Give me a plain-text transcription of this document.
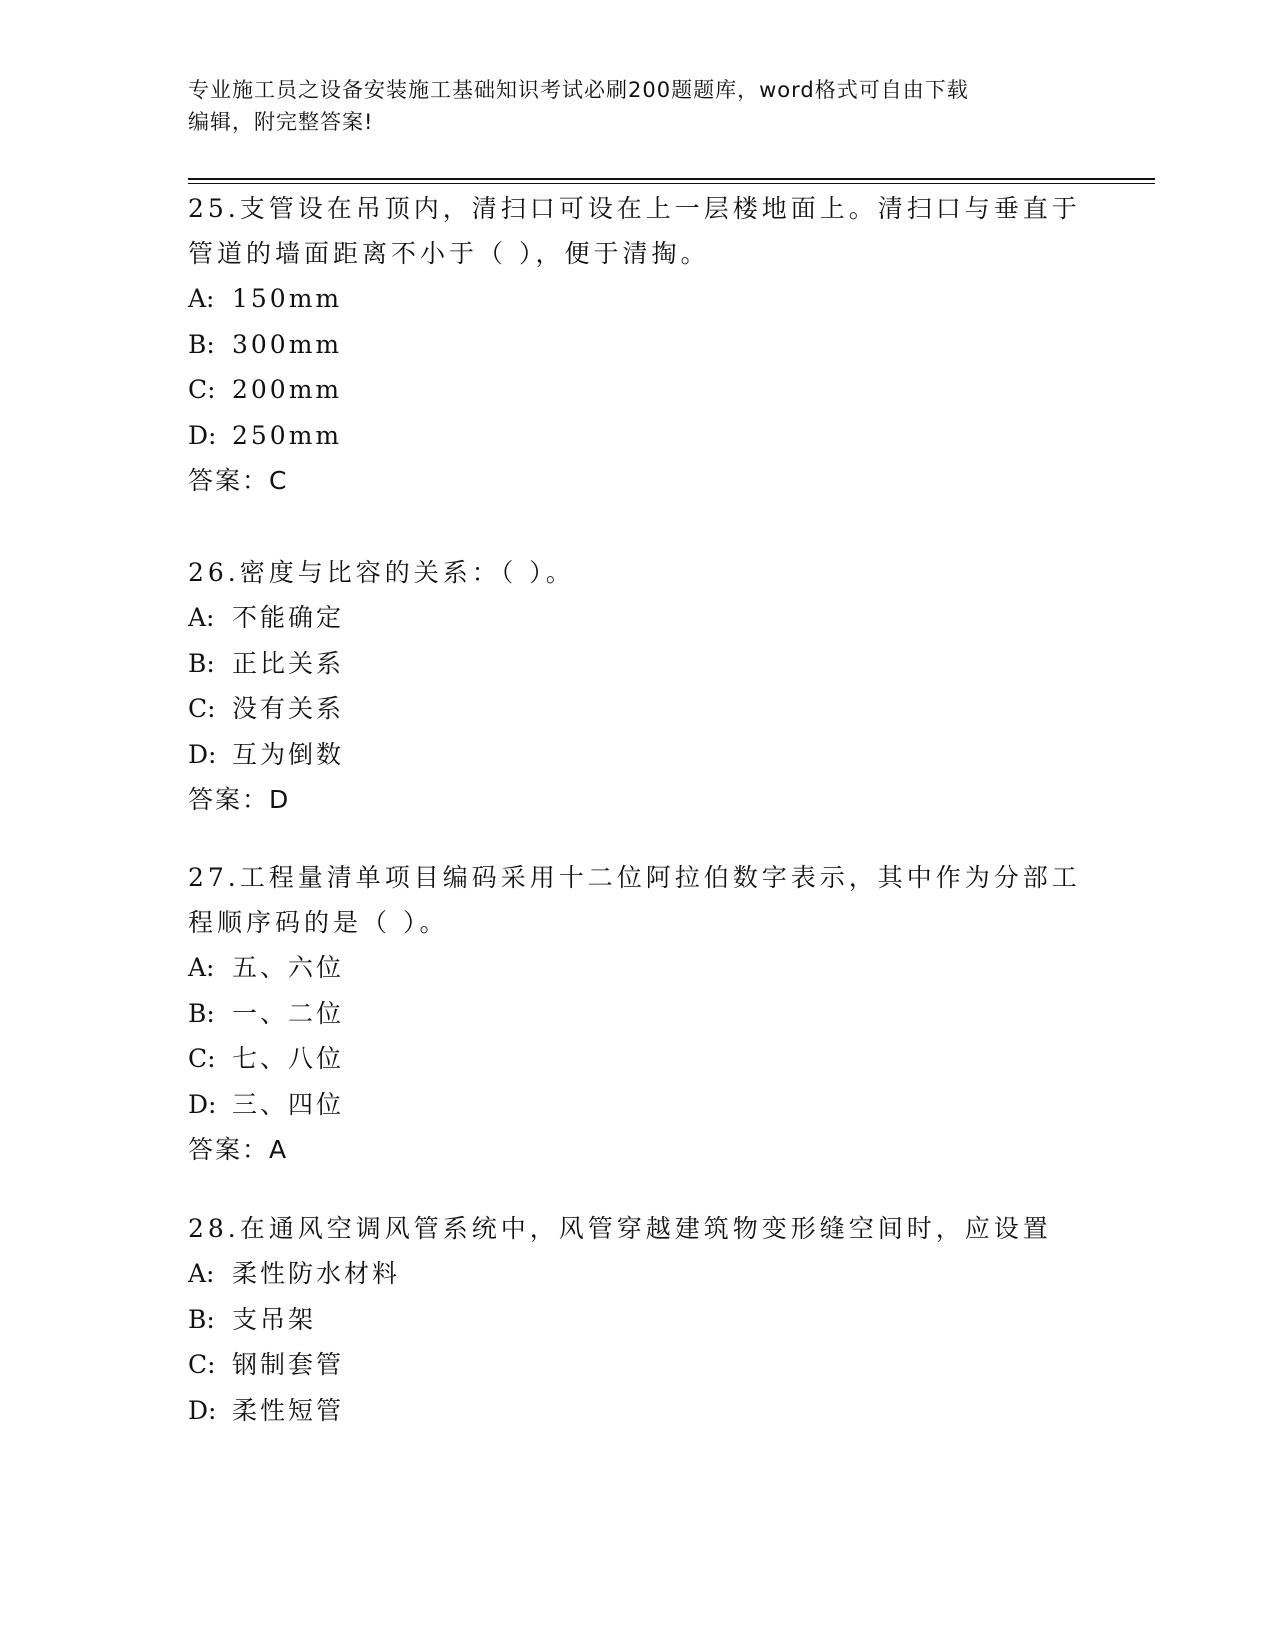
专业施工员之设备安装施工基础知识考试必刷200题题库，word格式可自由下载
编辑，附完整答案!

25.支管设在吊顶内，清扫口可设在上一层楼地面上。清扫口与垂直于

管道的墙面距离不小于（ ），便于清掏。

A: 150mm

B: 300mm

C: 200mm

D: 250mm

答案：C

26.密度与比容的关系：（ ）。

A: 不能确定

B: 正比关系

C: 没有关系

D: 互为倒数

答案：D

27.工程量清单项目编码采用十二位阿拉伯数字表示，其中作为分部工

程顺序码的是（ ）。

A: 五、六位

B: 一、二位

C: 七、八位

D: 三、四位

答案：A

28.在通风空调风管系统中，风管穿越建筑物变形缝空间时，应设置

A: 柔性防水材料

B: 支吊架

C: 钢制套管

D: 柔性短管
